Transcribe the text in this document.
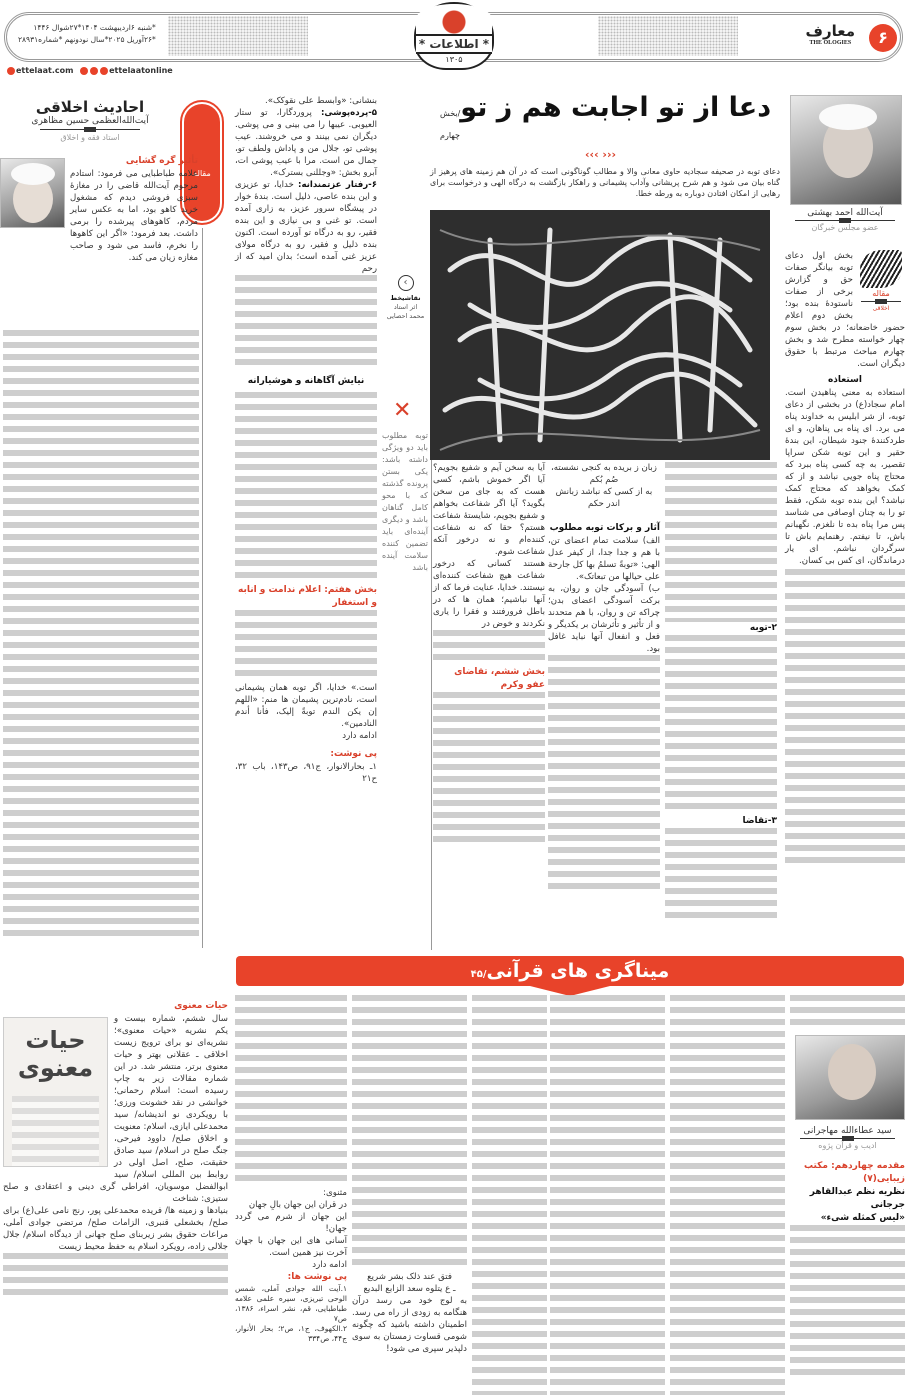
* اطلاعات *
۱۳۰۵
۶
معارف
THE OLOGIES
*شنبه ۶اردیبهشت ۱۴۰۴*۲۷شوال ۱۴۴۶
*۲۶آوریل ۲۰۲۵*سال نودونهم *شماره۲۸۹۳۱
ettelaat.com	ettelaatonline
آیت‌الله احمد بهشتی
عضو مجلس خبرگان
مقاله
اخلاقی
بخش اول دعای توبه بیانگر صفات حق و گزارش برخی از صفات ناستودهٔ بنده بود؛ بخش دوم اعلام حضور خاضعانه؛ در بخش سوم چهار خواسته مطرح شد و بخش چهارم مباحث مرتبط با حقوق دیگران است.
استعاذه
استعاذه به معنی پناهیدن است. امام سجاد(ع) در بخشی از دعای توبه، از شر ابلیس به خداوند پناه می برد. ای پناه بی پناهان، و ای طردکنندهٔ جنود شیطان، این بندهٔ حقیر و این توبه شکن سراپا تقصیر، به چه کسی پناه ببرد که محتاج پناه جویی نباشد و از که کمک بخواهد که محتاج کمک نباشد؟ این بنده توبه شکن، فقط تو را به چنان اوصافی می شناسد پس مرا پناه بده تا نلغزم. نگهبانم باش، تا نیفتم. رهنمایم باش تا سرگردان نباشم. ای یار درماندگان، ای کس بی کسان.
دعا از تو اجابت هم ز تو/بخش چهارم
‹‹‹ ›››
دعای توبه در صحیفه سجادیه حاوی معانی والا و مطالب گوناگونی است که در آن هم زمینه های پرهیز از گناه بیان می شود و هم شرح پریشانی وآداب پشیمانی و راهکار بازگشت به درگاه الهی و درخواست برای رهایی از امکان افتادن دوباره به ورطه خطا.
›
نقاشیخط
اثر استاد
محمد احصایی
✕
توبه مطلوب باید دو ویژگی داشته باشد: یکی بستن پرونده گذشته که با محو کامل گناهان باشد و دیگری آینده‌ای باید تضمین کننده سلامت آینده باشد
۲-توبه
۳-تقاضا
زبان ز بریده به کنجی نشسته، صُم بُکم
به از کسی که نباشد زبانش اندر حکم
آثار و برکات توبه مطلوب
الف) سلامت تمام اعضای تن، با هم و جدا جدا، از کیفر عدل الهی: «توبةً تسلمُ بها کل جارحة علی حیالها من تبعاتک».
ب) آسودگی جان و روان، به برکت آسودگی اعضای بدن؛ چراکه تن و روان، با هم متحدند و از تأثیر و تأثرشان بر یکدیگر و فعل و انفعال آنها نباید غافل بود.
آیا به سخن آیم و شفیع بجویم؟ آیا اگر خموش باشم، کسی هست که به جای من سخن بگوید؟ آیا اگر شفاعت بخواهم و شفیع بجویم، شایستهٔ شفاعت هستم؟ حقا که نه شفاعت کننده‌ام و نه درخور آنکه شفاعت شوم.
هستند کسانی که درخور شفاعت هیچ شفاعت کننده‌ای نیستند. خدایا، عنایت فرما که از آنها نباشیم؛ همان ها که در باطل فرورفتند و فقرا را یاری نکردند و خوض در
بخش ششم، تقاضای عفو وکرم
بنشانی: «وابسط علی نقوکک».
۵-پرده‌پوشی: پروردگارا، تو ستار العیوبی. عیبها را می بینی و می پوشی. دیگران نمی بینند و می خروشند. عیب پوشی تو، جلال من و پاداش ولطف تو، جمال من است. مرا با عیب پوشی ات، آبرو بخش: «وجللنی بسترک».
۶-رفتار عزتمندانه: خدایا، تو عزیزی و این بنده عاصی، ذلیل است. بندهٔ خوار در پیشگاه سرور عزیز، به زاری آمده است. تو غنی و بی نیازی و این بنده فقیر، رو به درگاه تو آورده است. اکنون بنده ذلیل و فقیر، رو به درگاه مولای عزیز غنی آمده است؛ بدان امید که از رحم
نیایش آگاهانه و هوشیارانه
بخش هفتم: اعلام ندامت و انابه و استغفار
است.» خدایا، اگر توبه همان پشیمانی است، نادم‌ترین پشیمان ها منم: «اللهم إن یکن الندم توبةً إلیک، فأنا أندم النادمین».
ادامه دارد
پی نوشت:
۱ـ بحارالانوار، ج۹۱، ص۱۴۳، باب ۳۲، ح۲۱
مقاله
احادیث اخلاقی
آیت‌الله‌العظمی حسین مظاهری
استاد فقه و اخلاق
تأثیر گره گشایی
علامه طباطبایی می فرمود: استادم مرحوم آیت‌الله قاضی را در مغازهٔ سبزی فروشی دیدم که مشغول خرید کاهو بود، اما به عکس سایر مردم، کاهوهای پیرشده را برمی داشت. بعد فرمود: «اگر این کاهوها را نخرم، فاسد می شود و صاحب مغازه زیان می کند.
میناگری های قرآنی/۴۵
سید عطاءالله مهاجرانی
ادیب و قرآن پژوه
مقدمه چهاردهم: مکتب زیبایی(۷)
نظریه نظم عبدالقاهر جرجانی
«لیس کمثله شیء»
فتق عند ذلک بشر شریع
ـ ع یتلوه سعد الزابع البدیع
به لوج خود می رسد درآن هنگامه به زودی از راه می رسد. اطمینان داشته باشید که چگونه شومی قساوت زمستان به سوی دلپذیر سپری می شود!
مثنوی:
در قران این جهان بالِ جهان
این جهان از شرم می گردد جهان!
آسانی های این جهان با جهان آخرت نیز همین است.
ادامه دارد
پی نوشت ها:
۱.آیت الله جوادی آملی، شمس الوحی تبریزی، سیره علمی علامه طباطبایی، قم، نشر اسراء، ۱۳۸۶، ص۷
۲.الکهوف، ج۱، ص۲؛ بحار الأنوار، ج۴۴، ص۳۳۴
حیات معنوی
حیات معنوی
سال ششم، شماره بیست و یکم نشریه «حیات معنوی»؛ نشریه‌ای نو برای ترویج زیست اخلاقی ـ عقلانی بهتر و حیات معنوی برتر، منتشر شد. در این شماره مقالات زیر به چاپ رسیده است: اسلام رحمانی؛ خوانشی در نقد خشونت ورزی؛ با رویکردی نو اندیشانه/ سید محمدعلی ایازی، اسلام: معنویت و اخلاق صلح/ داوود فیرحی، جنگ صلح در اسلام/ سید صادق حقیقت، صلح، اصل اولی در روابط بین المللی اسلام/ سید ابوالفضل موسویان، افراطی گری دینی و اعتقادی و صلح ستیزی: شناخت
بنیادها و زمینه ها/ فریده محمدعلی پور، رنج نامی علی(ع) برای صلح/ بخشعلی قنبری، الزامات صلح/ مرتضی جوادی آملی، مراعات حقوق بشر زیربنای صلح جهانی از دیدگاه اسلام/ جلال جلالی زاده، رویکرد اسلام به حفظ محیط زیست
